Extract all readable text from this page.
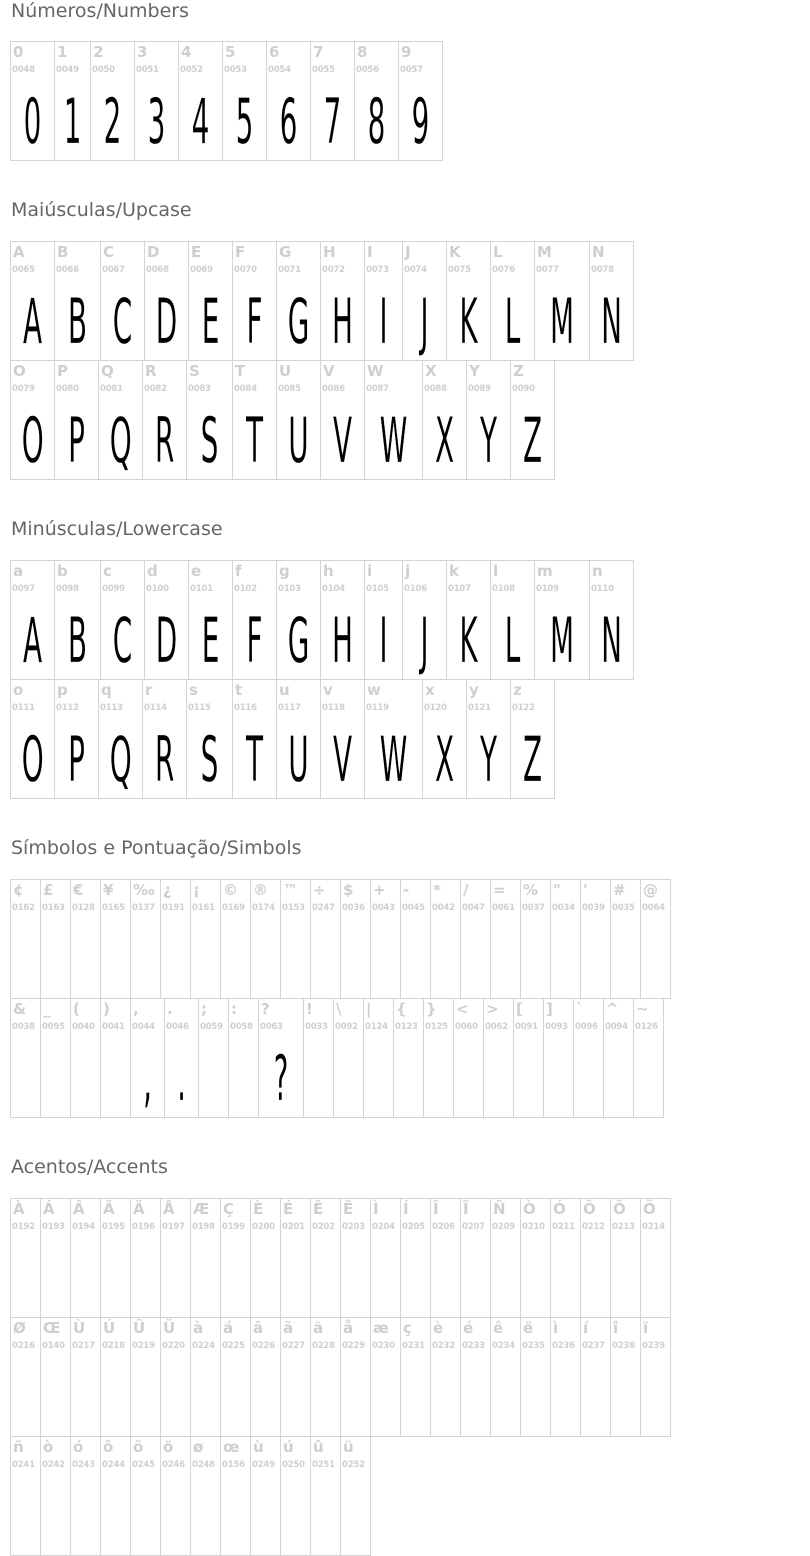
Números/Numbers
Maiúsculas/Upcase
Minúsculas/Lowercase
Símbolos e Pontuação/Simbols
Acentos/Accents
0
0048
0
1
0049
1
2
0050
2
3
0051
3
4
0052
4
5
0053
5
6
0054
6
7
0055
7
8
0056
8
9
0057
9
A
0065
A
B
0066
B
C
0067
C
D
0068
D
E
0069
E
F
0070
F
G
0071
G
H
0072
H
I
0073
I
J
0074
J
K
0075
K
L
0076
L
M
0077
M
N
0078
N
O
0079
O
P
0080
P
Q
0081
Q
R
0082
R
S
0083
S
T
0084
T
U
0085
U
V
0086
V
W
0087
W
X
0088
X
Y
0089
Y
Z
0090
Z
a
0097
A
b
0098
B
c
0099
C
d
0100
D
e
0101
E
f
0102
F
g
0103
G
h
0104
H
i
0105
I
j
0106
J
k
0107
K
l
0108
L
m
0109
M
n
0110
N
o
0111
O
p
0112
P
q
0113
Q
r
0114
R
s
0115
S
t
0116
T
u
0117
U
v
0118
V
w
0119
W
x
0120
X
y
0121
Y
z
0122
Z
¢
0162
£
0163
€
0128
¥
0165
‰
0137
¿
0191
¡
0161
©
0169
®
0174
™
0153
÷
0247
$
0036
+
0043
-
0045
*
0042
/
0047
=
0061
%
0037
"
0034
'
0039
#
0035
@
0064
&
0038
_
0095
(
0040
)
0041
,
0044
,
.
0046
.
;
0059
:
0058
?
0063
?
!
0033
\
0092
|
0124
{
0123
}
0125
<
0060
>
0062
[
0091
]
0093
`
0096
^
0094
~
0126
À
0192
Á
0193
Â
0194
Ã
0195
Ä
0196
Å
0197
Æ
0198
Ç
0199
È
0200
É
0201
Ê
0202
Ë
0203
Ì
0204
Í
0205
Î
0206
Ï
0207
Ñ
0209
Ò
0210
Ó
0211
Ô
0212
Õ
0213
Ö
0214
Ø
0216
Œ
0140
Ù
0217
Ú
0218
Û
0219
Ü
0220
à
0224
á
0225
â
0226
ã
0227
ä
0228
å
0229
æ
0230
ç
0231
è
0232
é
0233
ê
0234
ë
0235
ì
0236
í
0237
î
0238
ï
0239
ñ
0241
ò
0242
ó
0243
ô
0244
õ
0245
ö
0246
ø
0248
œ
0156
ù
0249
ú
0250
û
0251
ü
0252
